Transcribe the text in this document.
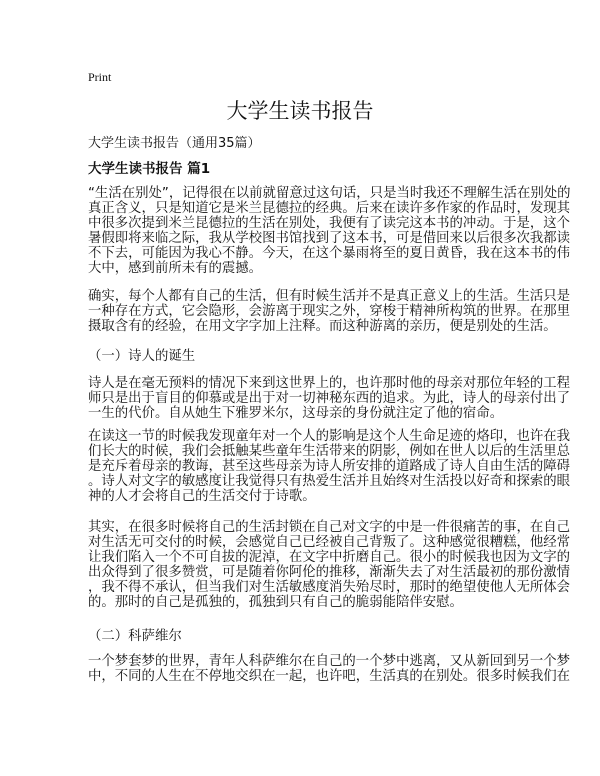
Print
大学生读书报告
大学生读书报告（通用35篇）
大学生读书报告 篇1
“生活在别处”，记得很在以前就留意过这句话，只是当时我还不理解生活在别处的
真正含义，只是知道它是米兰昆德拉的经典。后来在读许多作家的作品时，发现其
中很多次提到米兰昆德拉的生活在别处，我便有了读完这本书的冲动。于是，这个
暑假即将来临之际，我从学校图书馆找到了这本书，可是借回来以后很多次我都读
不下去，可能因为我心不静。今天，在这个暴雨将至的夏日黄昏，我在这本书的伟
大中，感到前所未有的震撼。
确实，每个人都有自己的生活，但有时候生活并不是真正意义上的生活。生活只是
一种存在方式，它会隐形，会游离于现实之外，穿梭于精神所构筑的世界。在那里
摄取含有的经验，在用文字字加上注释。而这种游离的亲历，便是别处的生活。
（一）诗人的诞生
诗人是在毫无预料的情况下来到这世界上的，也许那时他的母亲对那位年轻的工程
师只是出于盲目的仰慕或是出于对一切神秘东西的追求。为此，诗人的母亲付出了
一生的代价。自从她生下雅罗米尔，这母亲的身份就注定了他的宿命。
在读这一节的时候我发现童年对一个人的影响是这个人生命足迹的烙印，也许在我
们长大的时候，我们会抵触某些童年生活带来的阴影，例如在世人以后的生活里总
是充斥着母亲的教诲，甚至这些母亲为诗人所安排的道路成了诗人自由生活的障碍
。诗人对文字的敏感度让我觉得只有热爱生活并且始终对生活投以好奇和探索的眼
神的人才会将自己的生活交付于诗歌。
其实，在很多时候将自己的生活封锁在自己对文字的中是一件很痛苦的事，在自己
对生活无可交付的时候，会感觉自己已经被自己背叛了。这种感觉很糟糕，他经常
让我们陷入一个不可自拔的泥淖，在文字中折磨自己。很小的时候我也因为文字的
出众得到了很多赞赏，可是随着你阿伦的推移，渐渐失去了对生活最初的那份激情
，我不得不承认，但当我们对生活敏感度消失殆尽时，那时的绝望使他人无所体会
的。那时的自己是孤独的，孤独到只有自己的脆弱能陪伴安慰。
（二）科萨维尔
一个梦套梦的世界，青年人科萨维尔在自己的一个梦中逃离，又从新回到另一个梦
中，不同的人生在不停地交织在一起，也许吧，生活真的在别处。很多时候我们在
